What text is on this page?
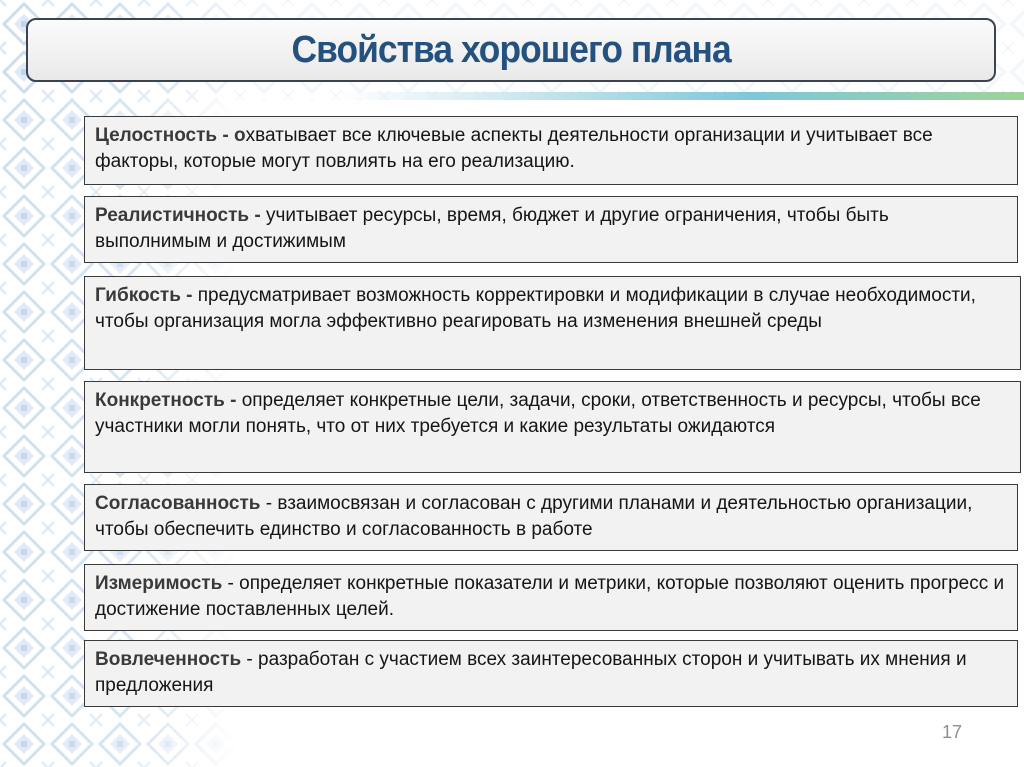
Свойства хорошего плана
Целостность - охватывает все ключевые аспекты деятельности организации и учитывает все факторы, которые могут повлиять на его реализацию.
Реалистичность - учитывает ресурсы, время, бюджет и другие ограничения, чтобы быть выполнимым и достижимым
Гибкость - предусматривает возможность корректировки и модификации в случае необходимости, чтобы организация могла эффективно реагировать на изменения внешней среды
Конкретность - определяет конкретные цели, задачи, сроки, ответственность и ресурсы, чтобы все участники могли понять, что от них требуется и какие результаты ожидаются
Согласованность - взаимосвязан и согласован с другими планами и деятельностью организации, чтобы обеспечить единство и согласованность в работе
Измеримость - определяет конкретные показатели и метрики, которые позволяют оценить прогресс и достижение поставленных целей.
Вовлеченность - разработан с участием всех заинтересованных сторон и учитывать их мнения и предложения
17
